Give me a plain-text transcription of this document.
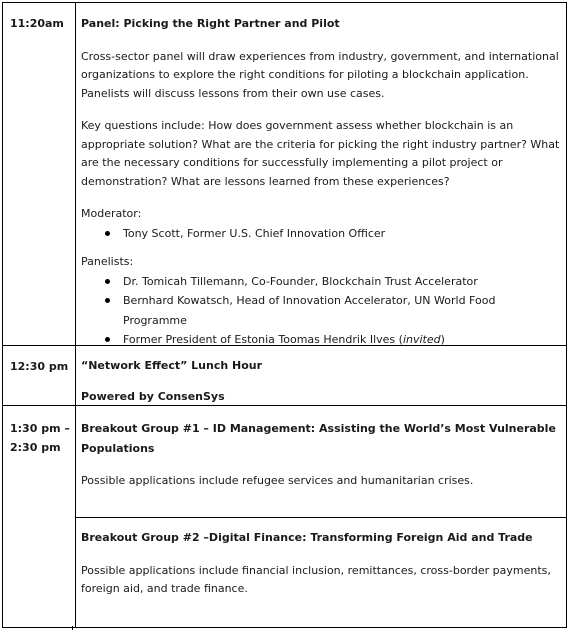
11:20am Panel: Picking the Right Partner and Pilot

Cross-sector panel will draw experiences from industry, government, and international organizations to explore the right conditions for piloting a blockchain application. Panelists will discuss lessons from their own use cases.

Key questions include: How does government assess whether blockchain is an appropriate solution? What are the criteria for picking the right industry partner? What are the necessary conditions for successfully implementing a pilot project or demonstration? What are lessons learned from these experiences?

Moderator:

Tony Scott, Former U.S. Chief Innovation Officer

Panelists:

Dr. Tomicah Tillemann, Co-Founder, Blockchain Trust Accelerator
Bernhard Kowatsch, Head of Innovation Accelerator, UN World Food Programme
Former President of Estonia Toomas Hendrik Ilves (invited)
12:30 pm “Network Effect” Lunch Hour

Powered by ConsenSys

1:30 pm –
2:30 pm

Breakout Group #1 – ID Management: Assisting the World’s Most Vulnerable Populations

Possible applications include refugee services and humanitarian crises.

Breakout Group #2 –Digital Finance: Transforming Foreign Aid and Trade

Possible applications include financial inclusion, remittances, cross-border payments, foreign aid, and trade finance.
